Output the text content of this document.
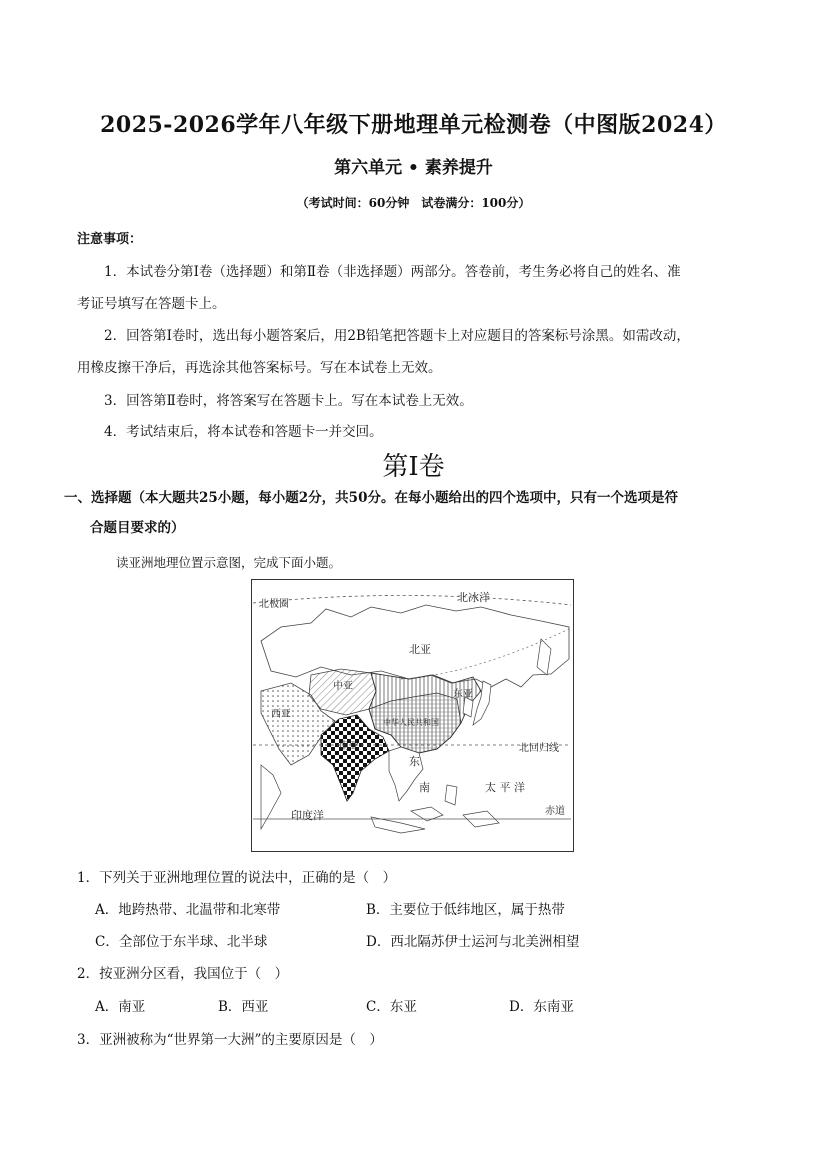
2025-2026学年八年级下册地理单元检测卷（中图版2024）
第六单元 • 素养提升
（考试时间：60分钟　试卷满分：100分）
注意事项：
1．本试卷分第Ⅰ卷（选择题）和第Ⅱ卷（非选择题）两部分。答卷前，考生务必将自己的姓名、准
考证号填写在答题卡上。
2．回答第Ⅰ卷时，选出每小题答案后，用2B铅笔把答题卡上对应题目的答案标号涂黑。如需改动，
用橡皮擦干净后，再选涂其他答案标号。写在本试卷上无效。
3．回答第Ⅱ卷时，将答案写在答题卡上。写在本试卷上无效。
4．考试结束后，将本试卷和答题卡一并交回。
第Ⅰ卷
一、选择题（本大题共25小题，每小题2分，共50分。在每小题给出的四个选项中，只有一个选项是符
合题目要求的）
读亚洲地理位置示意图，完成下面小题。
北极圈
北冰洋
北亚
中亚
东亚
西亚
中华人民共和国
南亚	北回归线
东
南	太 平 洋
印度洋	赤道
1．下列关于亚洲地理位置的说法中，正确的是（　）
A．地跨热带、北温带和北寒带	B．主要位于低纬地区，属于热带
C．全部位于东半球、北半球	D．西北隔苏伊士运河与北美洲相望
2．按亚洲分区看，我国位于（　）
A．南亚	B．西亚	C．东亚	D．东南亚
3．亚洲被称为“世界第一大洲”的主要原因是（　）
